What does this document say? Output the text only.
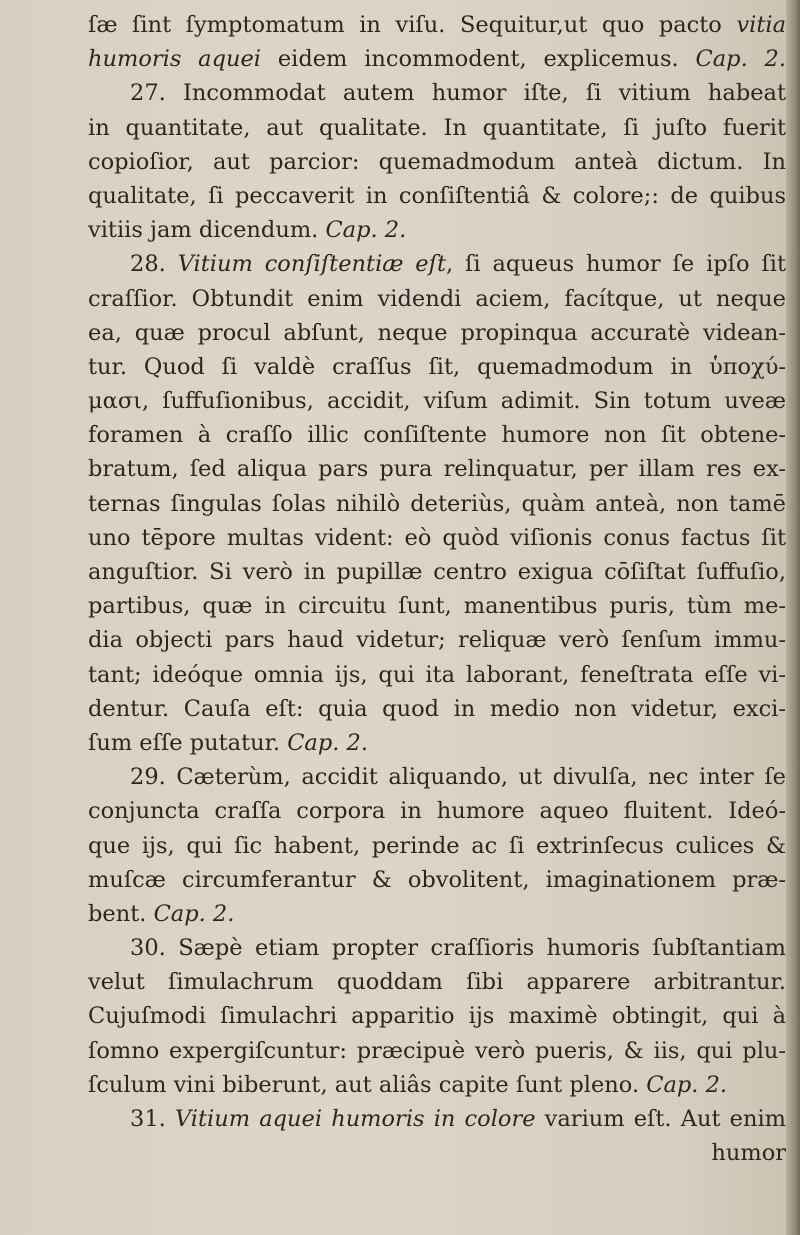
ſæ ſint ſymptomatum in viſu. Sequitur,ut quo pacto vitia
humoris aquei eidem incommodent, explicemus. Cap. 2.
27. Incommodat autem humor iſte, ſi vitium habeat
in quantitate, aut qualitate. In quantitate, ſi juſto fuerit
copioſior, aut parcior: quemadmodum anteà dictum. In
qualitate, ſi peccaverit in conſiſtentiâ & colore;: de quibus
vitiis jam dicendum. Cap. 2.
28. Vitium conſiſtentiæ eſt, ſi aqueus humor ſe ipſo ſit
craſſior. Obtundit enim videndi aciem, facítque, ut neque
ea, quæ procul abſunt, neque propinqua accuratè videan-
tur. Quod ſi valdè craſſus ſit, quemadmodum in ὑποχύ-
μασι, ſuffuſionibus, accidit, viſum adimit. Sin totum uveæ
foramen à craſſo illic conſiſtente humore non ſit obtene-
bratum, ſed aliqua pars pura relinquatur, per illam res ex-
ternas ſingulas ſolas nihilò deteriùs, quàm anteà, non tamē
uno tēpore multas vident: eò quòd viſionis conus factus ſit
anguſtior. Si verò in pupillæ centro exigua cōſiſtat ſuffuſio,
partibus, quæ in circuitu ſunt, manentibus puris, tùm me-
dia objecti pars haud videtur; reliquæ verò ſenſum immu-
tant; ideóque omnia ijs, qui ita laborant, feneſtrata eſſe vi-
dentur. Cauſa eſt: quia quod in medio non videtur, exci-
ſum eſſe putatur. Cap. 2.
29. Cæterùm, accidit aliquando, ut divulſa, nec inter ſe
conjuncta craſſa corpora in humore aqueo fluitent. Ideó-
que ijs, qui ſic habent, perinde ac ſi extrinſecus culices &
muſcæ circumferantur & obvolitent, imaginationem præ-
bent. Cap. 2.
30. Sæpè etiam propter craſſioris humoris ſubſtantiam
velut ſimulachrum quoddam ſibi apparere arbitrantur.
Cujuſmodi ſimulachri apparitio ijs maximè obtingit, qui à
ſomno expergiſcuntur: præcipuè verò pueris, & iis, qui plu-
ſculum vini biberunt, aut aliâs capite ſunt pleno. Cap. 2.
31. Vitium aquei humoris in colore varium eſt. Aut enim
humor
